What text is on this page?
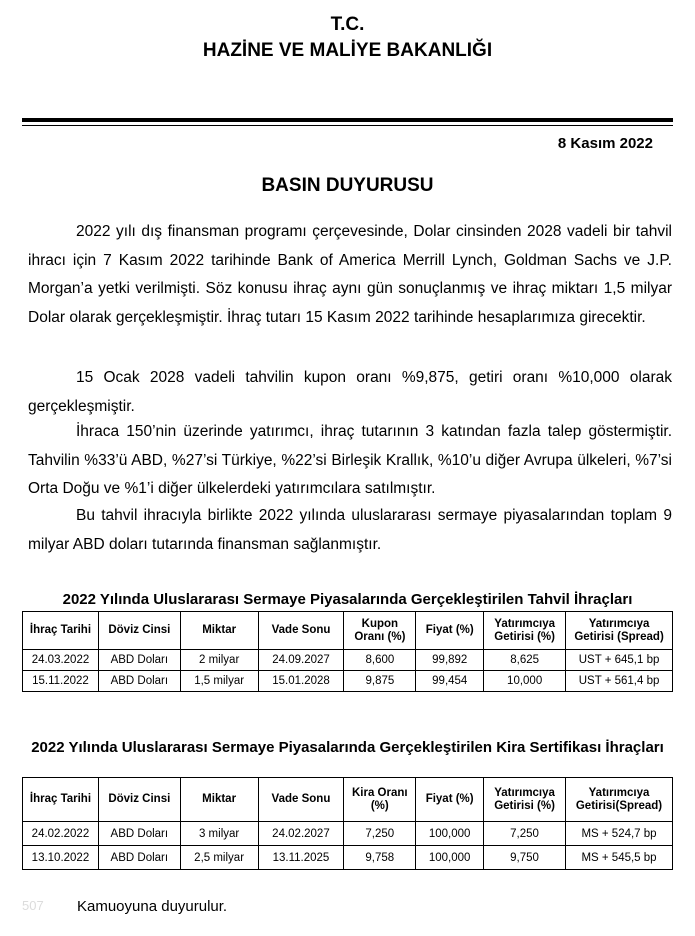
T.C.
HAZİNE VE MALİYE BAKANLIĞI
8 Kasım 2022
BASIN DUYURUSU

2022 yılı dış finansman programı çerçevesinde, Dolar cinsinden 2028 vadeli bir tahvil ihracı için 7 Kasım 2022 tarihinde Bank of America Merrill Lynch, Goldman Sachs ve J.P. Morgan’a yetki verilmişti. Söz konusu ihraç aynı gün sonuçlanmış ve ihraç miktarı 1,5 milyar Dolar olarak gerçekleşmiştir. İhraç tutarı 15 Kasım 2022 tarihinde hesaplarımıza girecektir.

15 Ocak 2028 vadeli tahvilin kupon oranı %9,875, getiri oranı %10,000 olarak gerçekleşmiştir.

İhraca 150’nin üzerinde yatırımcı, ihraç tutarının 3 katından fazla talep göstermiştir. Tahvilin %33’ü ABD, %27’si Türkiye, %22’si Birleşik Krallık, %10’u diğer Avrupa ülkeleri, %7’si Orta Doğu ve %1’i diğer ülkelerdeki yatırımcılara satılmıştır.

Bu tahvil ihracıyla birlikte 2022 yılında uluslararası sermaye piyasalarından toplam 9 milyar ABD doları tutarında finansman sağlanmıştır.

2022 Yılında Uluslararası Sermaye Piyasalarında Gerçekleştirilen Tahvil İhraçları
İhraç Tarihi	Döviz Cinsi	Miktar	Vade Sonu	Kupon Oranı (%)	Fiyat (%)	Yatırımcıya Getirisi (%)	Yatırımcıya Getirisi (Spread)
24.03.2022	ABD Doları	2 milyar	24.09.2027	8,600	99,892	8,625	UST + 645,1 bp
15.11.2022	ABD Doları	1,5 milyar	15.01.2028	9,875	99,454	10,000	UST + 561,4 bp
2022 Yılında Uluslararası Sermaye Piyasalarında Gerçekleştirilen Kira Sertifikası İhraçları
İhraç Tarihi	Döviz Cinsi	Miktar	Vade Sonu	Kira Oranı (%)	Fiyat (%)	Yatırımcıya Getirisi (%)	Yatırımcıya Getirisi(Spread)
24.02.2022	ABD Doları	3 milyar	24.02.2027	7,250	100,000	7,250	MS + 524,7 bp
13.10.2022	ABD Doları	2,5 milyar	13.11.2025	9,758	100,000	9,750	MS + 545,5 bp
507 Kamuoyuna duyurulur.
